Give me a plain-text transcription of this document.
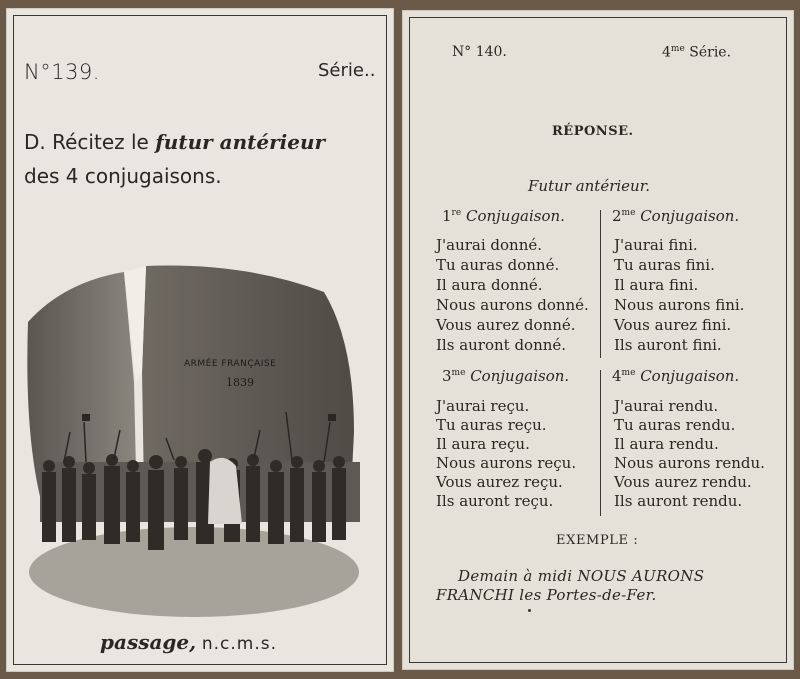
N°139.	Série..
D. Récitez le futur antérieur
des 4 conjugaisons.
ARMÉE FRANÇAISE
1839
passage, n.c.m.s.
N° 140.	$4^{me}$ Série.
RÉPONSE.
Futur antérieur.
1re Conjugaison.
J'aurai donné.
Tu auras donné.
Il aura donné.
Nous aurons donné.
Vous aurez donné.
Ils auront donné.
$2^{me}$ Conjugaison.
J'aurai fini.
Tu auras fini.
Il aura fini.
Nous aurons fini.
Vous aurez fini.
Ils auront fini.
$3^{me}$ Conjugaison.
J'aurai reçu.
Tu auras reçu.
Il aura reçu.
Nous aurons reçu.
Vous aurez reçu.
Ils auront reçu.
$4^{me}$ Conjugaison.
J'aurai rendu.
Tu auras rendu.
Il aura rendu.
Nous aurons rendu.
Vous aurez rendu.
Ils auront rendu.
EXEMPLE :
Demain à midi NOUS AURONS
FRANCHI les Portes-de-Fer.
